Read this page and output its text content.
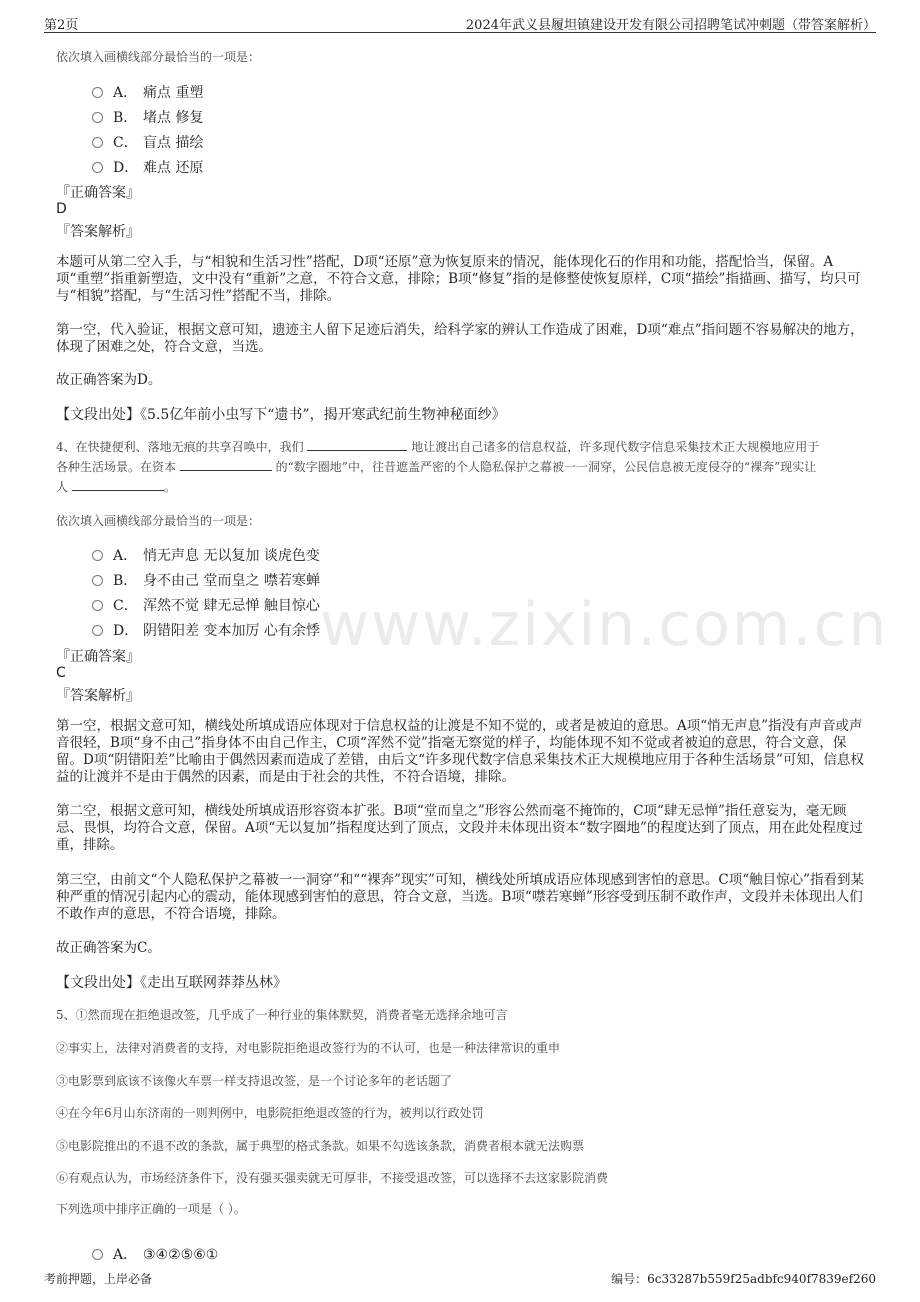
第2页	2024年武义县履坦镇建设开发有限公司招聘笔试冲刺题（带答案解析）
www.zixin.com.cn
依次填入画横线部分最恰当的一项是：
A． 痛点 重塑
B． 堵点 修复
C． 盲点 描绘
D． 难点 还原
『正确答案』
D
『答案解析』
本题可从第二空入手，与“相貌和生活习性”搭配，D项“还原”意为恢复原来的情况，能体现化石的作用和功能，搭配恰当，保留。A项“重塑”指重新塑造，文中没有“重新”之意，不符合文意，排除；B项“修复”指的是修整使恢复原样，C项“描绘”指描画、描写，均只可与“相貌”搭配，与“生活习性”搭配不当，排除。
第一空，代入验证，根据文意可知，遗迹主人留下足迹后消失，给科学家的辨认工作造成了困难，D项“难点”指问题不容易解决的地方，体现了困难之处，符合文意，当选。
故正确答案为D。
【文段出处】《5.5亿年前小虫写下“遗书”，揭开寒武纪前生物神秘面纱》
4、在快捷便利、落地无痕的共享召唤中，我们	地让渡出自己诸多的信息权益，许多现代数字信息采集技术正大规模地应用于
各种生活场景。在资本	的“数字圈地”中，往昔遮盖严密的个人隐私保护之幕被一一洞穿，公民信息被无度侵夺的“裸奔”现实让
人	。
依次填入画横线部分最恰当的一项是：
A． 悄无声息 无以复加 谈虎色变
B． 身不由己 堂而皇之 噤若寒蝉
C． 浑然不觉 肆无忌惮 触目惊心
D． 阴错阳差 变本加厉 心有余悸
『正确答案』
C
『答案解析』
第一空，根据文意可知，横线处所填成语应体现对于信息权益的让渡是不知不觉的，或者是被迫的意思。A项“悄无声息”指没有声音或声音很轻，B项“身不由己”指身体不由自己作主，C项“浑然不觉”指毫无察觉的样子，均能体现不知不觉或者被迫的意思，符合文意，保留。D项“阴错阳差”比喻由于偶然因素而造成了差错，由后文“许多现代数字信息采集技术正大规模地应用于各种生活场景”可知，信息权益的让渡并不是由于偶然的因素，而是由于社会的共性，不符合语境，排除。
第二空，根据文意可知，横线处所填成语形容资本扩张。B项“堂而皇之”形容公然而毫不掩饰的，C项“肆无忌惮”指任意妄为，毫无顾忌、畏惧，均符合文意，保留。A项“无以复加”指程度达到了顶点，文段并未体现出资本“数字圈地”的程度达到了顶点，用在此处程度过重，排除。
第三空，由前文“个人隐私保护之幕被一一洞穿”和““裸奔”现实”可知，横线处所填成语应体现感到害怕的意思。C项“触目惊心”指看到某种严重的情况引起内心的震动，能体现感到害怕的意思，符合文意，当选。B项“噤若寒蝉”形容受到压制不敢作声，文段并未体现出人们不敢作声的意思，不符合语境，排除。
故正确答案为C。
【文段出处】《走出互联网莽莽丛林》
5、①然而现在拒绝退改签，几乎成了一种行业的集体默契，消费者毫无选择余地可言
②事实上，法律对消费者的支持，对电影院拒绝退改签行为的不认可，也是一种法律常识的重申
③电影票到底该不该像火车票一样支持退改签，是一个讨论多年的老话题了
④在今年6月山东济南的一则判例中，电影院拒绝退改签的行为，被判以行政处罚
⑤电影院推出的不退不改的条款，属于典型的格式条款。如果不勾选该条款，消费者根本就无法购票
⑥有观点认为，市场经济条件下，没有强买强卖就无可厚非，不接受退改签，可以选择不去这家影院消费
下列选项中排序正确的一项是（ ）。
A． ③④②⑤⑥①
考前押题，上岸必备	编号：6c33287b559f25adbfc940f7839ef260
